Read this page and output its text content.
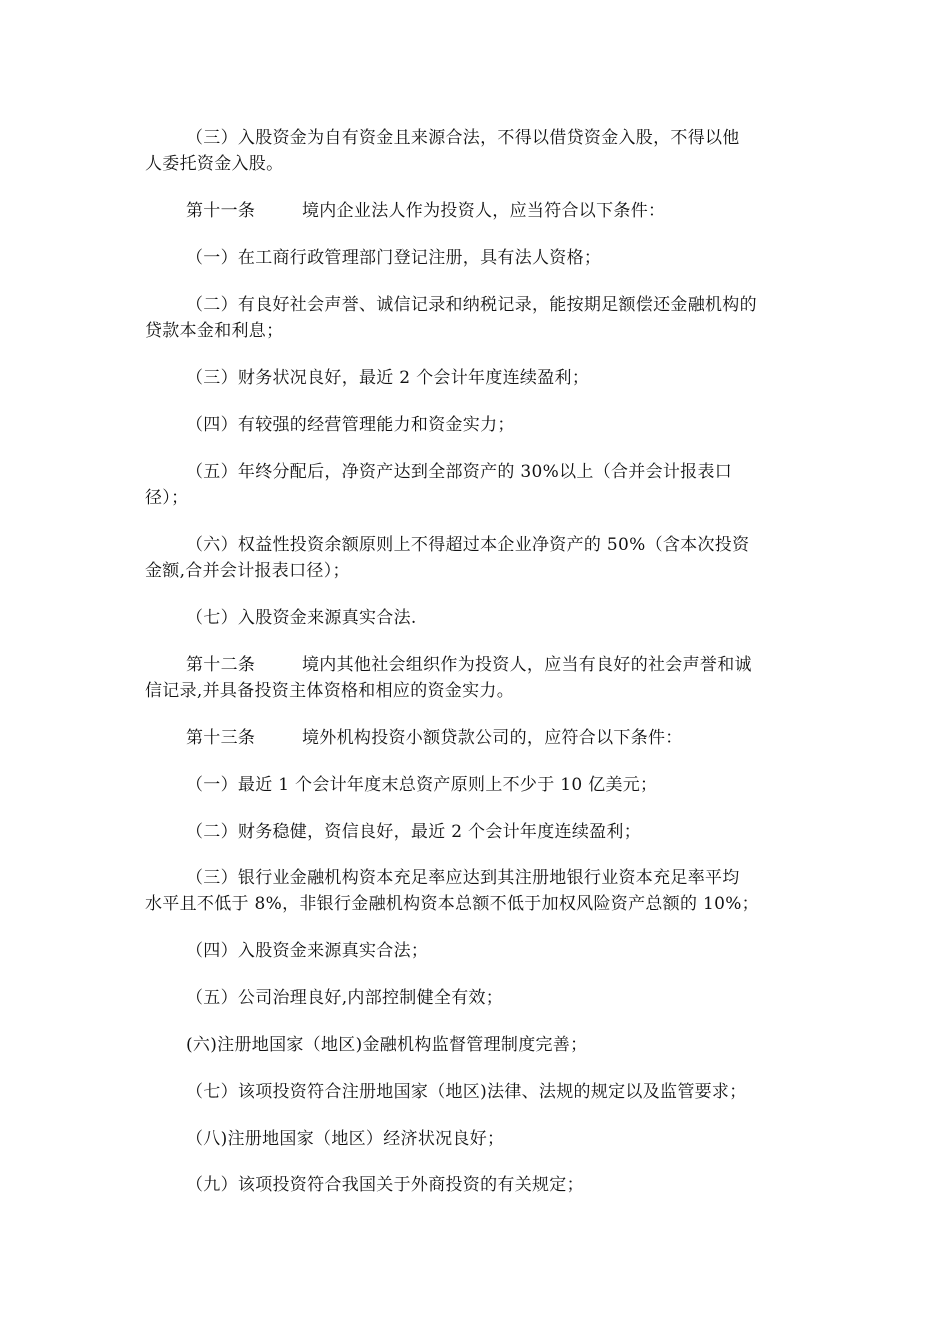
（三）入股资金为自有资金且来源合法，不得以借贷资金入股，不得以他
人委托资金入股。
第十一条	境内企业法人作为投资人，应当符合以下条件：
（一）在工商行政管理部门登记注册，具有法人资格；
（二）有良好社会声誉、诚信记录和纳税记录，能按期足额偿还金融机构的
贷款本金和利息；
（三）财务状况良好，最近 2 个会计年度连续盈利；
（四）有较强的经营管理能力和资金实力；
（五）年终分配后，净资产达到全部资产的 30%以上（合并会计报表口
径）；
（六）权益性投资余额原则上不得超过本企业净资产的 50%（含本次投资
金额,合并会计报表口径）；
（七）入股资金来源真实合法.
第十二条	境内其他社会组织作为投资人，应当有良好的社会声誉和诚
信记录,并具备投资主体资格和相应的资金实力。
第十三条	境外机构投资小额贷款公司的，应符合以下条件：
（一）最近 1 个会计年度末总资产原则上不少于 10 亿美元；
（二）财务稳健，资信良好，最近 2 个会计年度连续盈利；
（三）银行业金融机构资本充足率应达到其注册地银行业资本充足率平均
水平且不低于 8%，非银行金融机构资本总额不低于加权风险资产总额的 10%；
（四）入股资金来源真实合法；
（五）公司治理良好,内部控制健全有效；
(六)注册地国家（地区)金融机构监督管理制度完善；
（七）该项投资符合注册地国家（地区)法律、法规的规定以及监管要求；
（八)注册地国家（地区）经济状况良好；
（九）该项投资符合我国关于外商投资的有关规定；
